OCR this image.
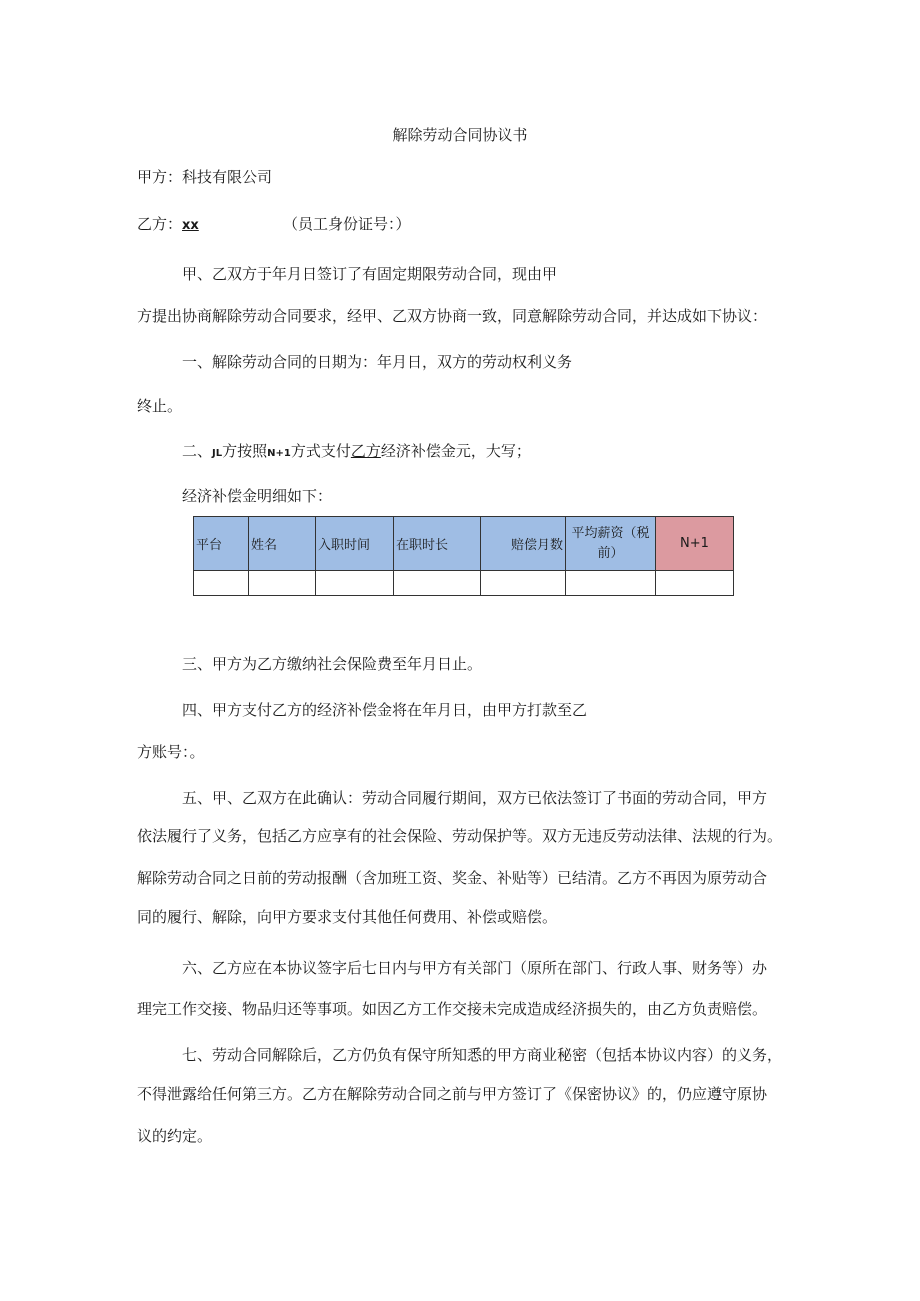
解除劳动合同协议书
甲方：科技有限公司
乙方：xx	（员工身份证号：）
甲、乙双方于年月日签订了有固定期限劳动合同，现由甲
方提出协商解除劳动合同要求，经甲、乙双方协商一致，同意解除劳动合同，并达成如下协议：
一、解除劳动合同的日期为：年月日，双方的劳动权利义务
终止。
二、JL方按照N+1方式支付乙方经济补偿金元，大写；
经济补偿金明细如下：
平台	姓名	入职时间	在职时长	赔偿月数	平均薪资（税前）	N+1

三、甲方为乙方缴纳社会保险费至年月日止。
四、甲方支付乙方的经济补偿金将在年月日，由甲方打款至乙
方账号：。
五、甲、乙双方在此确认：劳动合同履行期间，双方已依法签订了书面的劳动合同，甲方
依法履行了义务，包括乙方应享有的社会保险、劳动保护等。双方无违反劳动法律、法规的行为。
解除劳动合同之日前的劳动报酬（含加班工资、奖金、补贴等）已结清。乙方不再因为原劳动合
同的履行、解除，向甲方要求支付其他任何费用、补偿或赔偿。
六、乙方应在本协议签字后七日内与甲方有关部门（原所在部门、行政人事、财务等）办
理完工作交接、物品归还等事项。如因乙方工作交接未完成造成经济损失的，由乙方负责赔偿。
七、劳动合同解除后，乙方仍负有保守所知悉的甲方商业秘密（包括本协议内容）的义务，
不得泄露给任何第三方。乙方在解除劳动合同之前与甲方签订了《保密协议》的，仍应遵守原协
议的约定。
